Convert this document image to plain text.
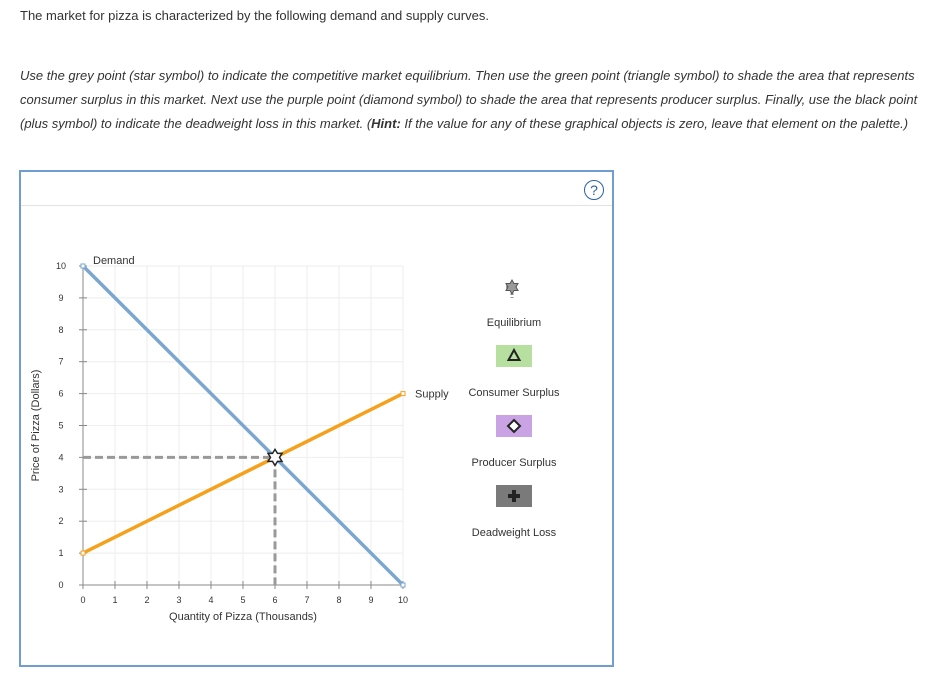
The market for pizza is characterized by the following demand and supply curves.

Use the grey point (star symbol) to indicate the competitive market equilibrium. Then use the green point (triangle symbol) to shade the area that represents consumer surplus in this market. Next use the purple point (diamond symbol) to shade the area that represents producer surplus. Finally, use the black point (plus symbol) to indicate the deadweight loss in this market. (Hint: If the value for any of these graphical objects is zero, leave that element on the palette.)

?
0	1	2	3	4	5	6	7	8	9	10
0
1
2
3
4
5
6
7
8
9
10
Quantity of Pizza (Thousands)
Price of Pizza (Dollars)
Demand
Supply
Equilibrium
Consumer Surplus
Producer Surplus
Deadweight Loss
